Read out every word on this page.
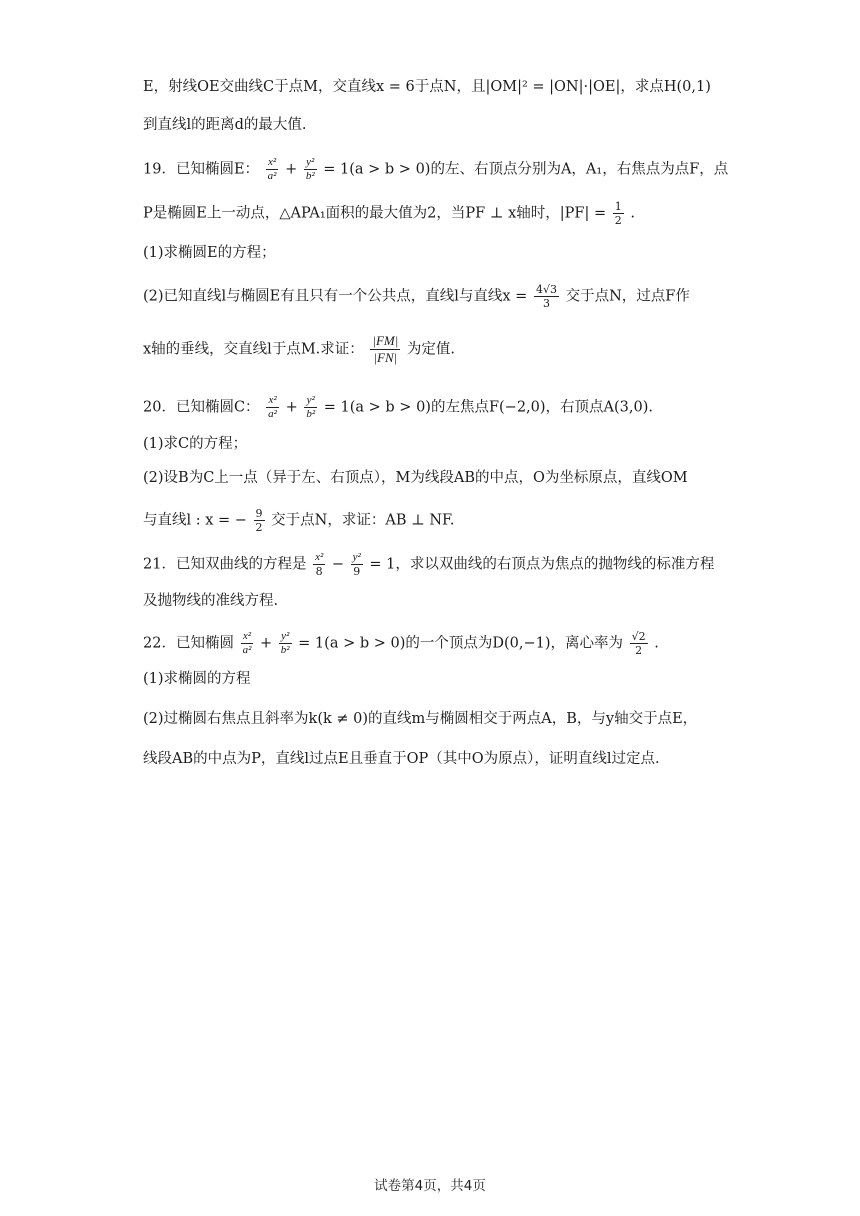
E，射线OE交曲线C于点M，交直线x = 6于点N，且|OM|² = |ON|·|OE|，求点H(0,1)
到直线l的距离d的最大值.
19．已知椭圆E： $\frac{\text{x²}}{\text{a²}} + \frac{\text{y²}}{\text{b²}} = 1(a > b > 0)$的左、右顶点分别为A，A₁，右焦点为点F，点
P是椭圆E上一动点，△APA₁面积的最大值为2，当PF ⊥ x轴时，$|PF| = \frac{1}{2}$ .
(1)求椭圆E的方程；
(2)已知直线l与椭圆E有且只有一个公共点，直线l与直线$x = \frac{4√3}{3}$ 交于点N，过点F作
x轴的垂线，交直线l于点M.求证： $\frac{|FM|}{|FN|}$ 为定值.
20．已知椭圆C： $\frac{\text{x²}}{\text{a²}} + \frac{\text{y²}}{\text{b²}} = 1(a > b > 0)$的左焦点F(−2,0)，右顶点A(3,0).
(1)求C的方程；
(2)设B为C上一点（异于左、右顶点），M为线段AB的中点，O为坐标原点，直线OM
与直线l : x = − $\frac{9}{2}$ 交于点N，求证：AB ⊥ NF.
21．已知双曲线的方程是 $\frac{\text{x²}}{8} - \frac{\text{y²}}{9} = 1$，求以双曲线的右顶点为焦点的抛物线的标准方程
及抛物线的准线方程.
22．已知椭圆 $\frac{\text{x²}}{\text{a²}} + \frac{\text{y²}}{\text{b²}} = 1(a > b > 0)$的一个顶点为D(0,−1)，离心率为 $\frac{√2}{2}$ .
(1)求椭圆的方程
(2)过椭圆右焦点且斜率为k(k ≠ 0)的直线m与椭圆相交于两点A，B，与y轴交于点E，
线段AB的中点为P，直线l过点E且垂直于OP（其中O为原点），证明直线l过定点.
试卷第4页，共4页
